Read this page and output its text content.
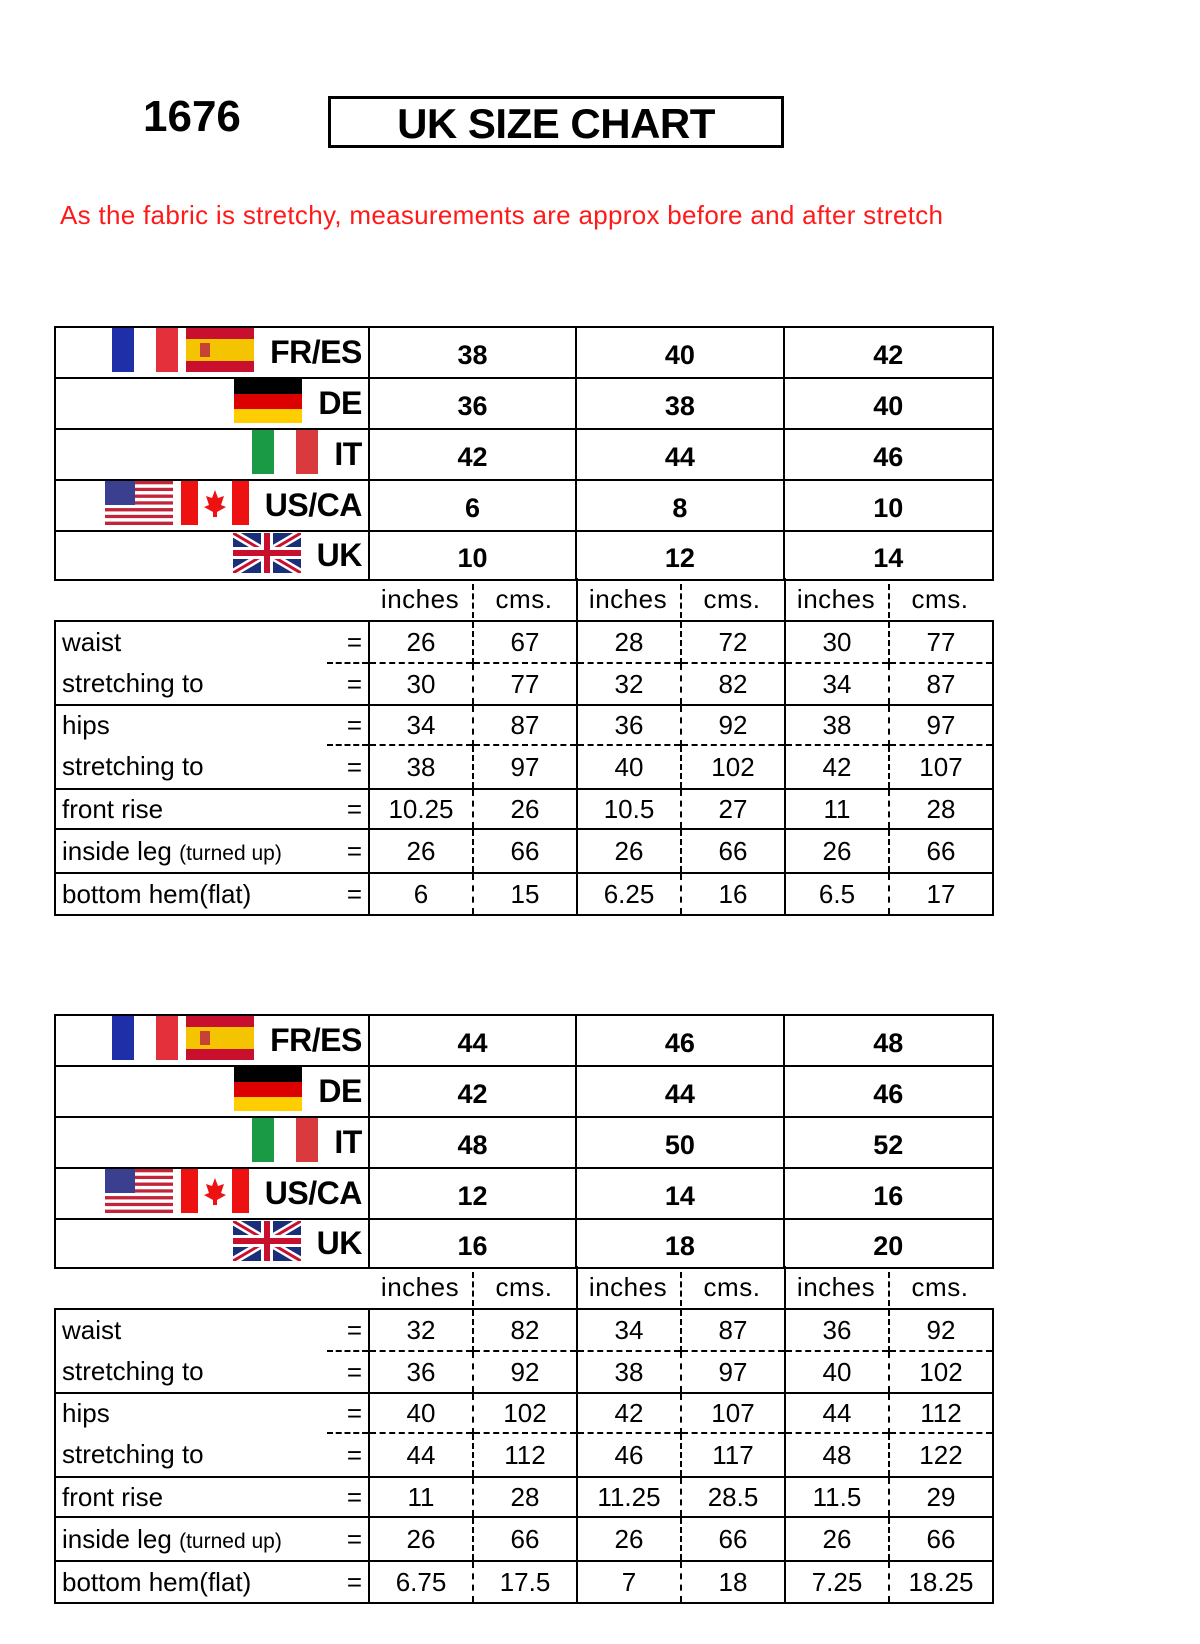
1676	UK SIZE CHART
As the fabric is stretchy, measurements are approx before and after stretch
FR/ES	38	40	42

DE	36	38	40

IT	42	44	46

US/CA	6	8	10

UK	10	12	14
inches	cms.	inches	cms.	inches	cms.
waist	=	26	67	28	72	30	77
stretching to	=	30	77	32	82	34	87
hips	=	34	87	36	92	38	97
stretching to	=	38	97	40	102	42	107
front rise	=	10.25	26	10.5	27	11	28
inside leg (turned up)	=	26	66	26	66	26	66
bottom hem(flat)	=	6	15	6.25	16	6.5	17
FR/ES	44	46	48

DE	42	44	46

IT	48	50	52

US/CA	12	14	16

UK	16	18	20
inches	cms.	inches	cms.	inches	cms.
waist	=	32	82	34	87	36	92
stretching to	=	36	92	38	97	40	102
hips	=	40	102	42	107	44	112
stretching to	=	44	112	46	117	48	122
front rise	=	11	28	11.25	28.5	11.5	29
inside leg (turned up)	=	26	66	26	66	26	66
bottom hem(flat)	=	6.75	17.5	7	18	7.25	18.25
